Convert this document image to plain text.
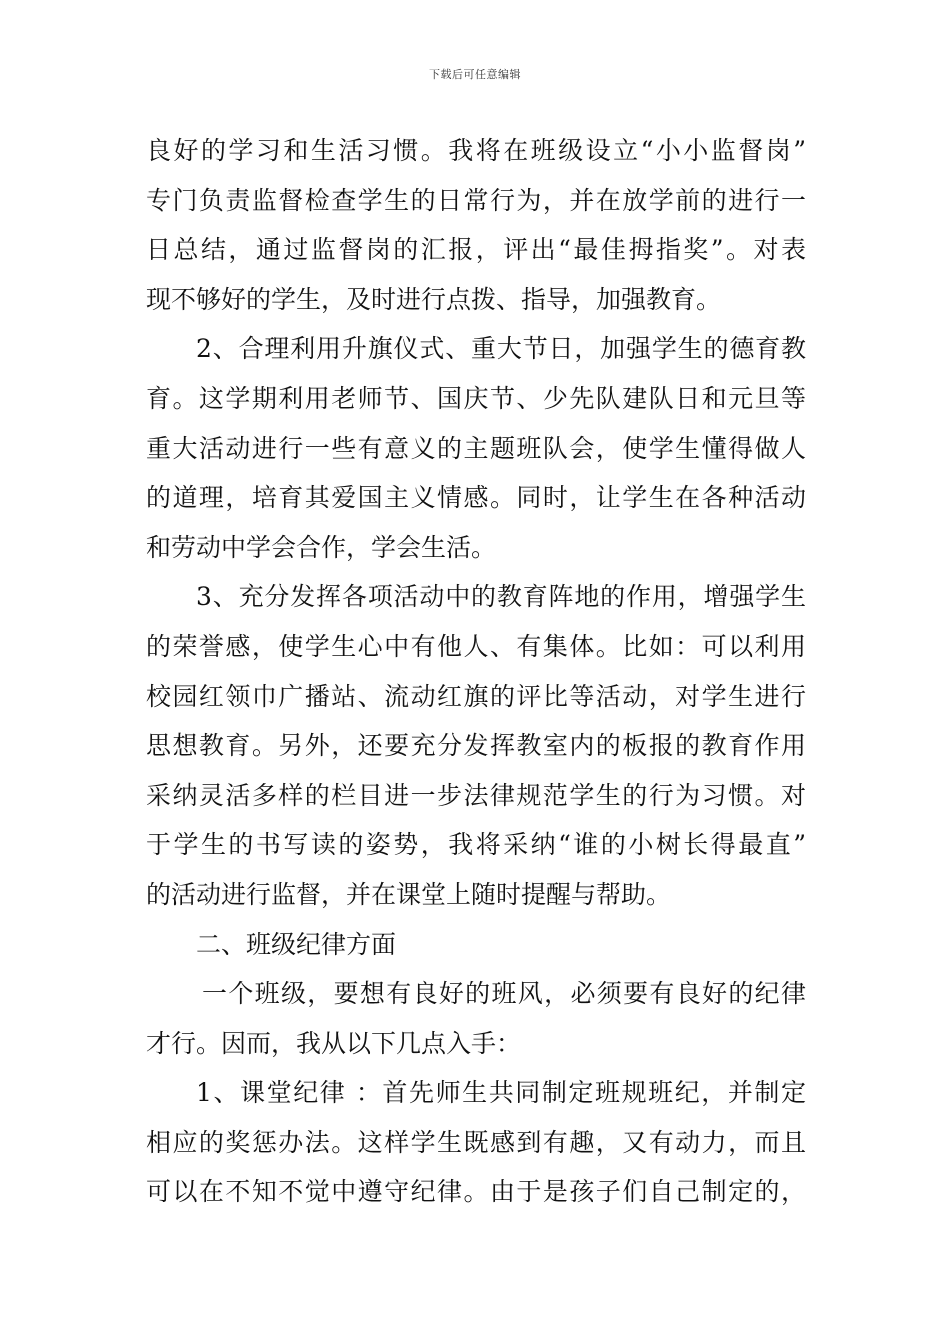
下载后可任意编辑
良好的学习和生活习惯。我将在班级设立“小小监督岗”
专门负责监督检查学生的日常行为，并在放学前的进行一
日总结，通过监督岗的汇报，评出“最佳拇指奖”。对表
现不够好的学生，及时进行点拨、指导，加强教育。
2、合理利用升旗仪式、重大节日，加强学生的德育教
育。这学期利用老师节、国庆节、少先队建队日和元旦等
重大活动进行一些有意义的主题班队会，使学生懂得做人
的道理，培育其爱国主义情感。同时，让学生在各种活动
和劳动中学会合作，学会生活。
3、充分发挥各项活动中的教育阵地的作用，增强学生
的荣誉感，使学生心中有他人、有集体。比如：可以利用
校园红领巾广播站、流动红旗的评比等活动，对学生进行
思想教育。另外，还要充分发挥教室内的板报的教育作用
采纳灵活多样的栏目进一步法律规范学生的行为习惯。对
于学生的书写读的姿势，我将采纳“谁的小树长得最直”
的活动进行监督，并在课堂上随时提醒与帮助。
二、班级纪律方面
一个班级，要想有良好的班风，必须要有良好的纪律
才行。因而，我从以下几点入手：
1、课堂纪律 ：首先师生共同制定班规班纪，并制定
相应的奖惩办法。这样学生既感到有趣，又有动力，而且
可以在不知不觉中遵守纪律。由于是孩子们自己制定的，
